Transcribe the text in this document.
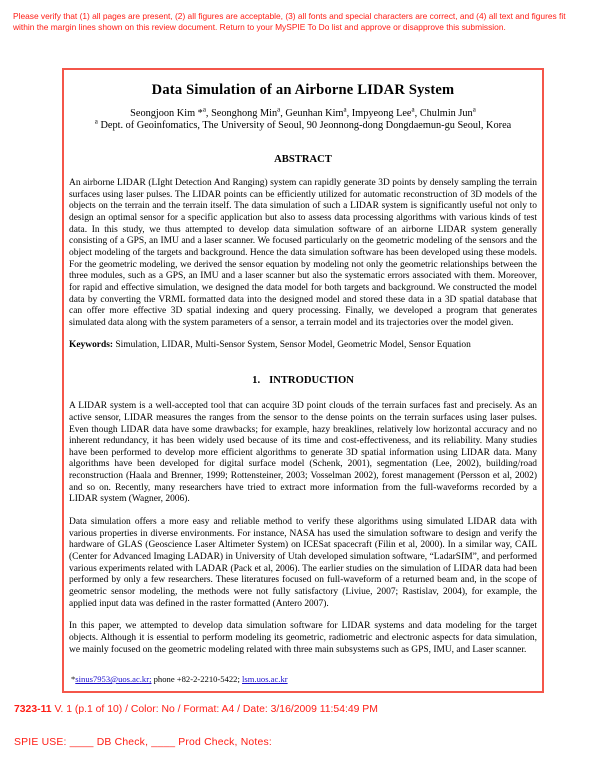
Please verify that (1) all pages are present, (2) all figures are acceptable, (3) all fonts and special characters are correct, and (4) all text and figures fit within the margin lines shown on this review document. Return to your MySPIE To Do list and approve or disapprove this submission.
Data Simulation of an Airborne LIDAR System
Seongjoon Kim *$^a$, Seonghong Min$^a$, Geunhan Kim$^a$, Impyeong Lee$^a$, Chulmin Jun$^a$
$^a$ Dept. of Geoinfomatics, The University of Seoul, 90 Jeonnong-dong Dongdaemun-gu Seoul, Korea
ABSTRACT

An airborne LIDAR (LIght Detection And Ranging) system can rapidly generate 3D points by densely sampling the terrain surfaces using laser pulses. The LIDAR points can be efficiently utilized for automatic reconstruction of 3D models of the objects on the terrain and the terrain itself. The data simulation of such a LIDAR system is significantly useful not only to design an optimal sensor for a specific application but also to assess data processing algorithms with various kinds of test data. In this study, we thus attempted to develop data simulation software of an airborne LIDAR system generally consisting of a GPS, an IMU and a laser scanner. We focused particularly on the geometric modeling of the sensors and the object modeling of the targets and background. Hence the data simulation software has been developed using these models. For the geometric modeling, we derived the sensor equation by modeling not only the geometric relationships between the three modules, such as a GPS, an IMU and a laser scanner but also the systematic errors associated with them. Moreover, for rapid and effective simulation, we designed the data model for both targets and background. We constructed the model data by converting the VRML formatted data into the designed model and stored these data in a 3D spatial database that can offer more effective 3D spatial indexing and query processing. Finally, we developed a program that generates simulated data along with the system parameters of a sensor, a terrain model and its trajectories over the model given.

Keywords: Simulation, LIDAR, Multi-Sensor System, Sensor Model, Geometric Model, Sensor Equation

1. INTRODUCTION

A LIDAR system is a well-accepted tool that can acquire 3D point clouds of the terrain surfaces fast and precisely. As an active sensor, LIDAR measures the ranges from the sensor to the dense points on the terrain surfaces using laser pulses. Even though LIDAR data have some drawbacks; for example, hazy breaklines, relatively low horizontal accuracy and no inherent redundancy, it has been widely used because of its time and cost-effectiveness, and its reliability. Many studies have been performed to develop more efficient algorithms to generate 3D spatial information using LIDAR data. Many algorithms have been developed for digital surface model (Schenk, 2001), segmentation (Lee, 2002), building/road reconstruction (Haala and Brenner, 1999; Rottensteiner, 2003; Vosselman 2002), forest management (Persson et al, 2002) and so on. Recently, many researchers have tried to extract more information from the full-waveforms recorded by a LIDAR system (Wagner, 2006).

Data simulation offers a more easy and reliable method to verify these algorithms using simulated LIDAR data with various properties in diverse environments. For instance, NASA has used the simulation software to design and verify the hardware of GLAS (Geoscience Laser Altimeter System) on ICESat spacecraft (Filin et al, 2000). In a similar way, CAIL (Center for Advanced Imaging LADAR) in University of Utah developed simulation software, “LadarSIM”, and performed various experiments related with LADAR (Pack et al, 2006). The earlier studies on the simulation of LIDAR data had been performed by only a few researchers. These literatures focused on full-waveform of a returned beam and, in the scope of geometric sensor modeling, the methods were not fully satisfactory (Liviue, 2007; Rastislav, 2004), for example, the applied input data was defined in the raster formatted (Antero 2007).

In this paper, we attempted to develop data simulation software for LIDAR systems and data modeling for the target objects. Although it is essential to perform modeling its geometric, radiometric and electronic aspects for data simulation, we mainly focused on the geometric modeling related with three main subsystems such as GPS, IMU, and Laser scanner.

*sinus7953@uos.ac.kr; phone +82-2-2210-5422; lsm.uos.ac.kr
7323-11 V. 1 (p.1 of 10) / Color: No / Format: A4 / Date: 3/16/2009 11:54:49 PM
SPIE USE: ____ DB Check, ____ Prod Check, Notes:
